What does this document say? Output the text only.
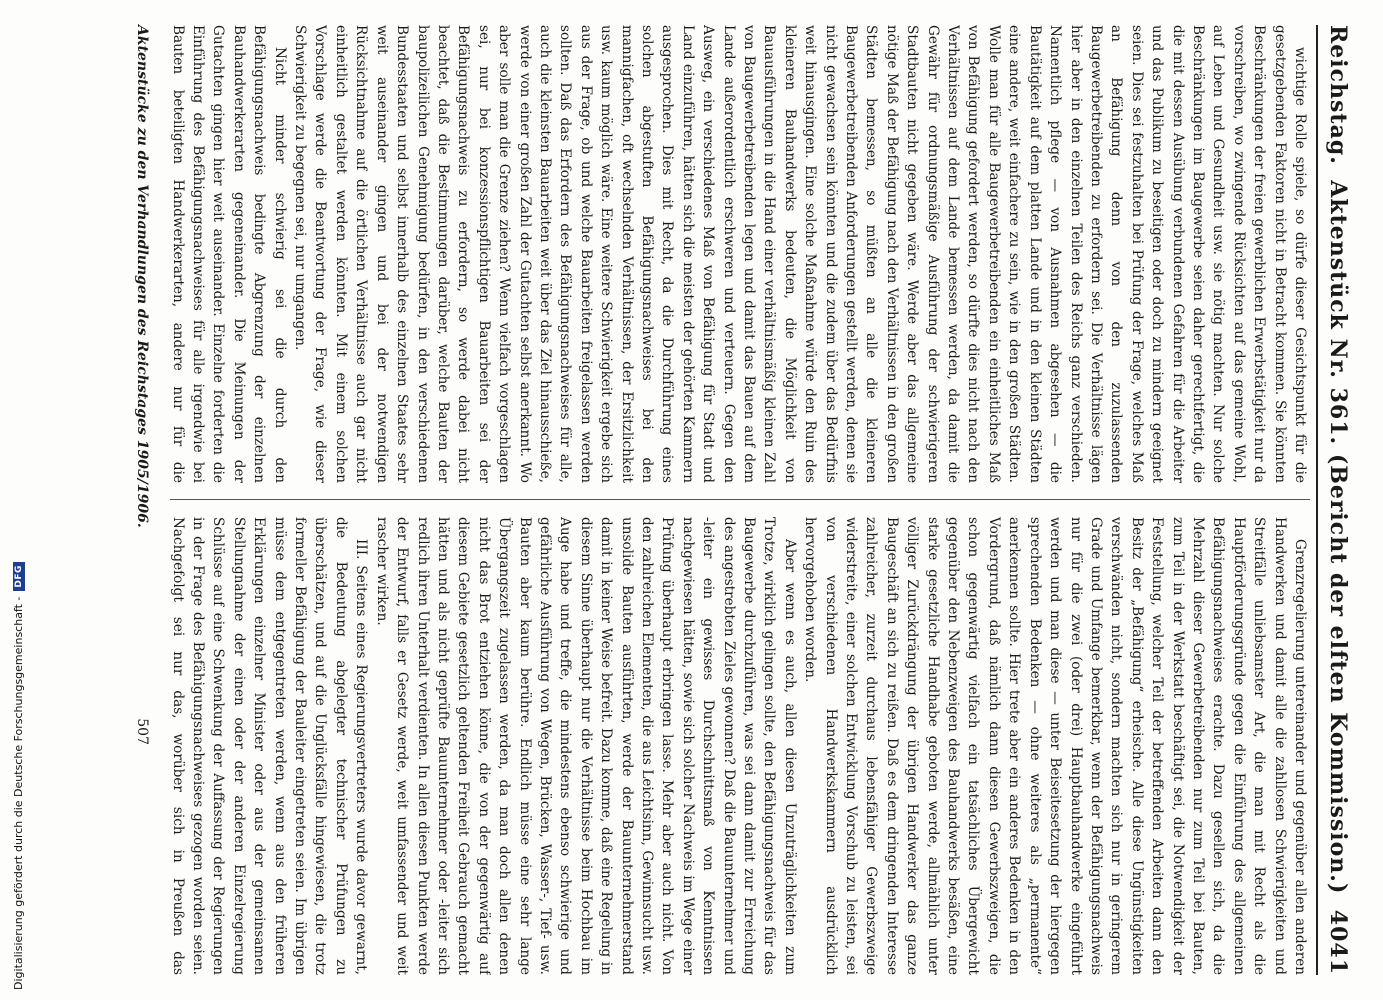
Reichstag.
Aktenstück Nr. 361. (Bericht der elften Kommission.)
4041

wichtige Rolle spiele, so dürfe dieser Gesichtspunkt für die gesetzgebenden Faktoren nicht in Betracht kommen. Sie könnten Beschränkungen der freien gewerblichen Erwerbstätigkeit nur da vorschreiben, wo zwingende Rücksichten auf das gemeine Wohl, auf Leben und Gesundheit usw. sie nötig machten. Nur solche Beschränkungen im Baugewerbe seien daher gerechtfertigt, die die mit dessen Ausübung verbundenen Gefahren für die Arbeiter und das Publikum zu beseitigen oder doch zu mindern geeignet seien. Dies sei festzuhalten bei Prüfung der Frage, welches Maß an Befähigung denn von den zuzulassenden Baugewerbetreibenden zu erfordern sei. Die Verhältnisse lägen hier aber in den einzelnen Teilen des Reichs ganz verschieden. Namentlich pflege — von Ausnahmen abgesehen — die Bautätigkeit auf dem platten Lande und in den kleinen Städten eine andere, weit einfachere zu sein, wie in den großen Städten. Wolle man für alle Baugewerbetreibenden ein einheitliches Maß von Befähigung gefordert werden, so dürfte dies nicht nach den Verhältnissen auf dem Lande bemessen werden, da damit die Gewähr für ordnungsmäßige Ausführung der schwierigeren Stadtbauten nicht gegeben wäre. Werde aber das allgemeine nötige Maß der Befähigung nach den Verhältnissen in den großen Städten bemessen, so müßten an alle die kleineren Baugewerbetreibenden Anforderungen gestellt werden, denen sie nicht gewachsen sein könnten und die zudem über das Bedürfnis weit hinausgingen. Eine solche Maßnahme würde den Ruin des kleineren Bauhandwerks bedeuten, die Möglichkeit von Bauausführungen in die Hand einer verhältnismäßig kleinen Zahl von Baugewerbetreibenden legen und damit das Bauen auf dem Lande außerordentlich erschweren und verteuern. Gegen den Ausweg, ein verschiedenes Maß von Befähigung für Stadt und Land einzuführen, hätten sich die meisten der gehörten Kammern ausgesprochen. Dies mit Recht, da die Durchführung eines solchen abgestuften Befähigungsnachweises bei den mannigfachen, oft wechselnden Verhältnissen, der Ersitzlichkeit usw. kaum möglich wäre. Eine weitere Schwierigkeit ergebe sich aus der Frage, ob und welche Bauarbeiten freigelassen werden sollten. Daß das Erfordern des Befähigungsnachweises für alle, auch die kleinsten Bauarbeiten weit über das Ziel hinausschieße, werde von einer großen Zahl der Gutachten selbst anerkannt. Wo aber solle man die Grenze ziehen? Wenn vielfach vorgeschlagen sei, nur bei konzessionspflichtigen Bauarbeiten sei der Befähigungsnachweis zu erfordern, so werde dabei nicht beachtet, daß die Bestimmungen darüber, welche Bauten der baupolizeilichen Genehmigung bedürfen, in den verschiedenen Bundesstaaten und selbst innerhalb des einzelnen Staates sehr weit auseinander gingen und bei der notwendigen Rücksichtnahme auf die örtlichen Verhältnisse auch gar nicht einheitlich gestaltet werden könnten. Mit einem solchen Vorschlage werde die Beantwortung der Frage, wie dieser Schwierigkeit zu begegnen sei, nur umgangen.

Nicht minder schwierig sei die durch den Befähigungsnachweis bedingte Abgrenzung der einzelnen Bauhandwerkerarten gegeneinander. Die Meinungen der Gutachten gingen hier weit auseinander. Einzelne forderten die Einführung des Befähigungsnachweises für alle irgendwie bei Bauten beteiligten Handwerkerarten, andere nur für die

Grenzregelierung untereinander und gegenüber allen anderen Handwerken und damit alle die zahllosen Schwierigkeiten und Streitfälle unliebsamster Art, die man mit Recht als die Hauptförderungsgründe gegen die Einführung des allgemeinen Befähigungsnachweises erachte. Dazu gesellen sich, da die Mehrzahl dieser Gewerbetreibenden nur zum Teil bei Bauten, zum Teil in der Werkstatt beschäftigt sei, die Notwendigkeit der Feststellung, welcher Teil der betreffenden Arbeiten dann den Besitz der „Befähigung“ erheische. Alle diese Ungünstigkeiten verschwänden nicht, sondern machten sich nur in geringerem Grade und Umfange bemerkbar, wenn der Befähigungsnachweis nur für die zwei (oder drei) Hauptbauhandwerke eingeführt werden und man diese — unter Beiseitesetzung der hiergegen sprechenden Bedenken — ohne weiteres als „permanente“ anerkennen sollte. Hier trete aber ein anderes Bedenken in den Vordergrund, daß nämlich dann diesen Gewerbszweigen, die schon gegenwärtig vielfach ein tatsächliches Übergewicht gegenüber den Nebenzweigen des Bauhandwerks besäßen, eine starke gesetzliche Handhabe geboten werde, allmählich unter völliger Zurückdrängung der übrigen Handwerker das ganze Baugeschäft an sich zu reißen. Daß es dem dringenden Interesse zahlreicher, zurzeit durchaus lebensfähiger Gewerbszweige widerstreite, einer solchen Entwicklung Vorschub zu leisten, sei von verschiedenen Handwerkskammern ausdrücklich hervorgehoben worden.

Aber wenn es auch, allen diesen Unzuträglichkeiten zum Trotze, wirklich gelingen sollte, den Befähigungsnachweis für das Baugewerbe durchzuführen, was sei dann damit zur Erreichung des angestrebten Zieles gewonnen? Daß die Bauunternehmer und -leiter ein gewisses Durchschnittsmaß von Kenntnissen nachgewiesen hätten, sowie sich solcher Nachweis im Wege einer Prüfung überhaupt erbringen lasse. Mehr aber auch nicht. Von den zahlreichen Elementen, die aus Leichtsinn, Gewinnsucht usw. unsolide Bauten ausführten, werde der Bauunternehmerstand damit in keiner Weise befreit. Dazu komme, daß eine Regelung in diesem Sinne überhaupt nur die Verhältnisse beim Hochbau im Auge habe und treffe, die mindestens ebenso schwierige und gefährliche Ausführung von Wegen, Brücken, Wasser-, Tief- usw. Bauten aber kaum berühre. Endlich müsse eine sehr lange Übergangszeit zugelassen werden, da man doch allen denen nicht das Brot entziehen könne, die von der gegenwärtig auf diesem Gebiete gesetzlich geltenden Freiheit Gebrauch gemacht hätten und als nicht geprüfte Bauunternehmer oder -leiter sich redlich ihren Unterhalt verdienten. In allen diesen Punkten werde der Entwurf, falls er Gesetz werde, weit umfassender und weit rascher wirken.

III. Seitens eines Regierungsvertreters wurde davor gewarnt, die Bedeutung abgelegter technischer Prüfungen zu überschätzen, und auf die Unglücksfälle hingewiesen, die trotz formeller Befähigung der Bauleiter eingetreten seien. Im übrigen müsse dem entgegentreten werden, wenn aus den früheren Erklärungen einzelner Minister oder aus der gemeinsamen Stellungnahme der einen oder der anderen Einzelregierung Schlüsse auf eine Schwenkung der Auffassung der Regierungen in der Frage des Befähigungsnachweises gezogen worden seien. Nachgefolgt sei nur das, worüber sich in Preußen das

Aktenstücke zu den Verhandlungen des Reichstages 1905/1906.
507
Digitalisierung gefördert durch die Deutsche Forschungsgemeinschaft -
DFG
